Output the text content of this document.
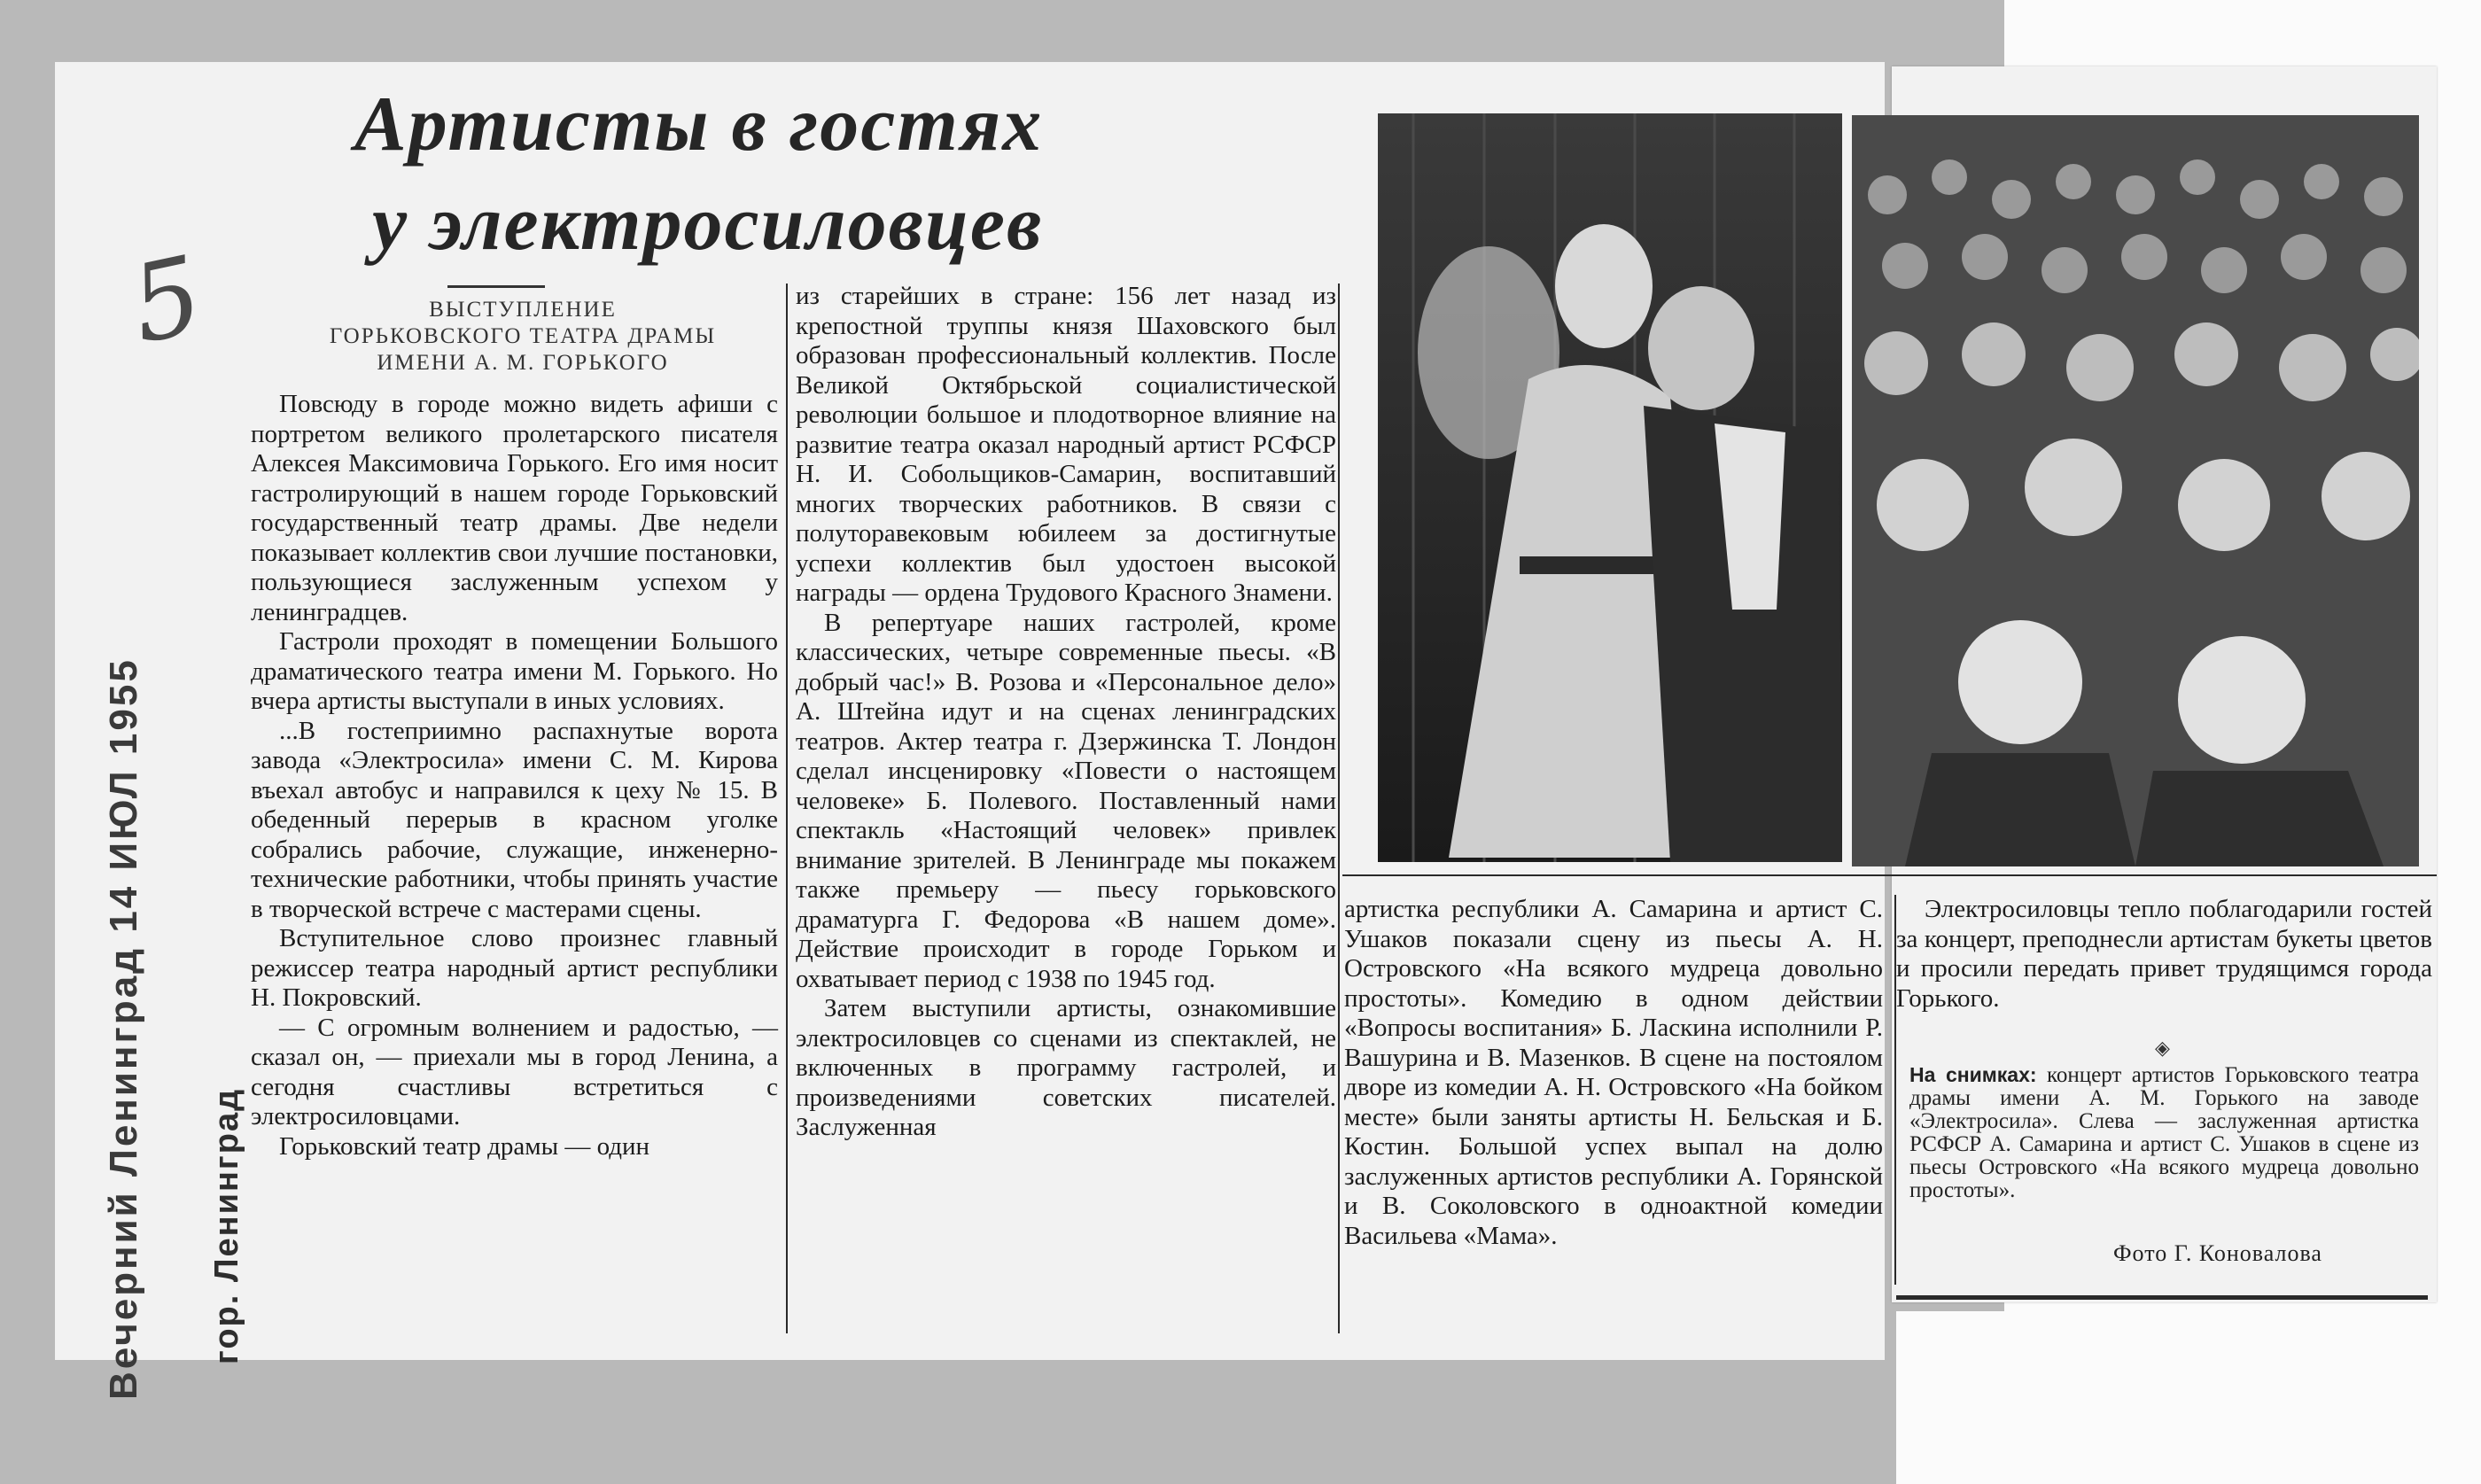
Артисты в гостях
у электросиловцев
ВЫСТУПЛЕНИЕ
ГОРЬКОВСКОГО ТЕАТРА ДРАМЫ
ИМЕНИ А. М. ГОРЬКОГО

Повсюду в городе можно видеть афиши с портретом великого пролетарского писателя Алексея Максимовича Горького. Его имя носит гастролирующий в нашем городе Горьковский государственный театр драмы. Две недели показывает коллектив свои лучшие постановки, пользующиеся заслуженным успехом у ленинградцев.

Гастроли проходят в помещении Большого драматического театра имени М. Горького. Но вчера артисты выступали в иных условиях.

...В гостеприимно распахнутые ворота завода «Электросила» имени С. М. Кирова въехал автобус и направился к цеху № 15. В обеденный перерыв в красном уголке собрались рабочие, служащие, инженерно-технические работники, чтобы принять участие в творческой встрече с мастерами сцены.

Вступительное слово произнес главный режиссер театра народный артист республики Н. Покровский.

— С огромным волнением и радостью, — сказал он, — приехали мы в город Ленина, а сегодня счастливы встретиться с электросиловцами.

Горьковский театр драмы — один

из старейших в стране: 156 лет назад из крепостной труппы князя Шаховского был образован профессиональный коллектив. После Великой Октябрьской социалистической революции большое и плодотворное влияние на развитие театра оказал народный артист РСФСР Н. И. Собольщиков-Самарин, воспитавший многих творческих работников. В связи с полуторавековым юбилеем за достигнутые успехи коллектив был удостоен высокой награды — ордена Трудового Красного Знамени.

В репертуаре наших гастролей, кроме классических, четыре современные пьесы. «В добрый час!» В. Розова и «Персональное дело» А. Штейна идут и на сценах ленинградских театров. Актер театра г. Дзержинска Т. Лондон сделал инсценировку «Повести о настоящем человеке» Б. Полевого. Поставленный нами спектакль «Настоящий человек» привлек внимание зрителей. В Ленинграде мы покажем также премьеру — пьесу горьковского драматурга Г. Федорова «В нашем доме». Действие происходит в городе Горьком и охватывает период с 1938 по 1945 год.

Затем выступили артисты, ознакомившие электросиловцев со сценами из спектаклей, не включенных в программу гастролей, и произведениями советских писателей. Заслуженная

артистка республики А. Самарина и артист С. Ушаков показали сцену из пьесы А. Н. Островского «На всякого мудреца довольно простоты». Комедию в одном действии «Вопросы воспитания» Б. Ласкина исполнили Р. Вашурина и В. Мазенков. В сцене на постоялом дворе из комедии А. Н. Островского «На бойком месте» были заняты артисты Н. Бельская и Б. Костин. Большой успех выпал на долю заслуженных артистов республики А. Горянской и В. Соколовского в одноактной комедии Васильева «Мама».

Электросиловцы тепло поблагодарили гостей за концерт, преподнесли артистам букеты цветов и просили передать привет трудящимся города Горького.

◈
На снимках: концерт артистов Горьковского театра драмы имени А. М. Горького на заводе «Электросила». Слева — заслуженная артистка РСФСР А. Самарина и артист С. Ушаков в сцене из пьесы Островского «На всякого мудреца довольно простоты».
Фото Г. Коновалова
Вечерний Ленинград 14 ИЮЛ 1955 гор. Ленинград
5
